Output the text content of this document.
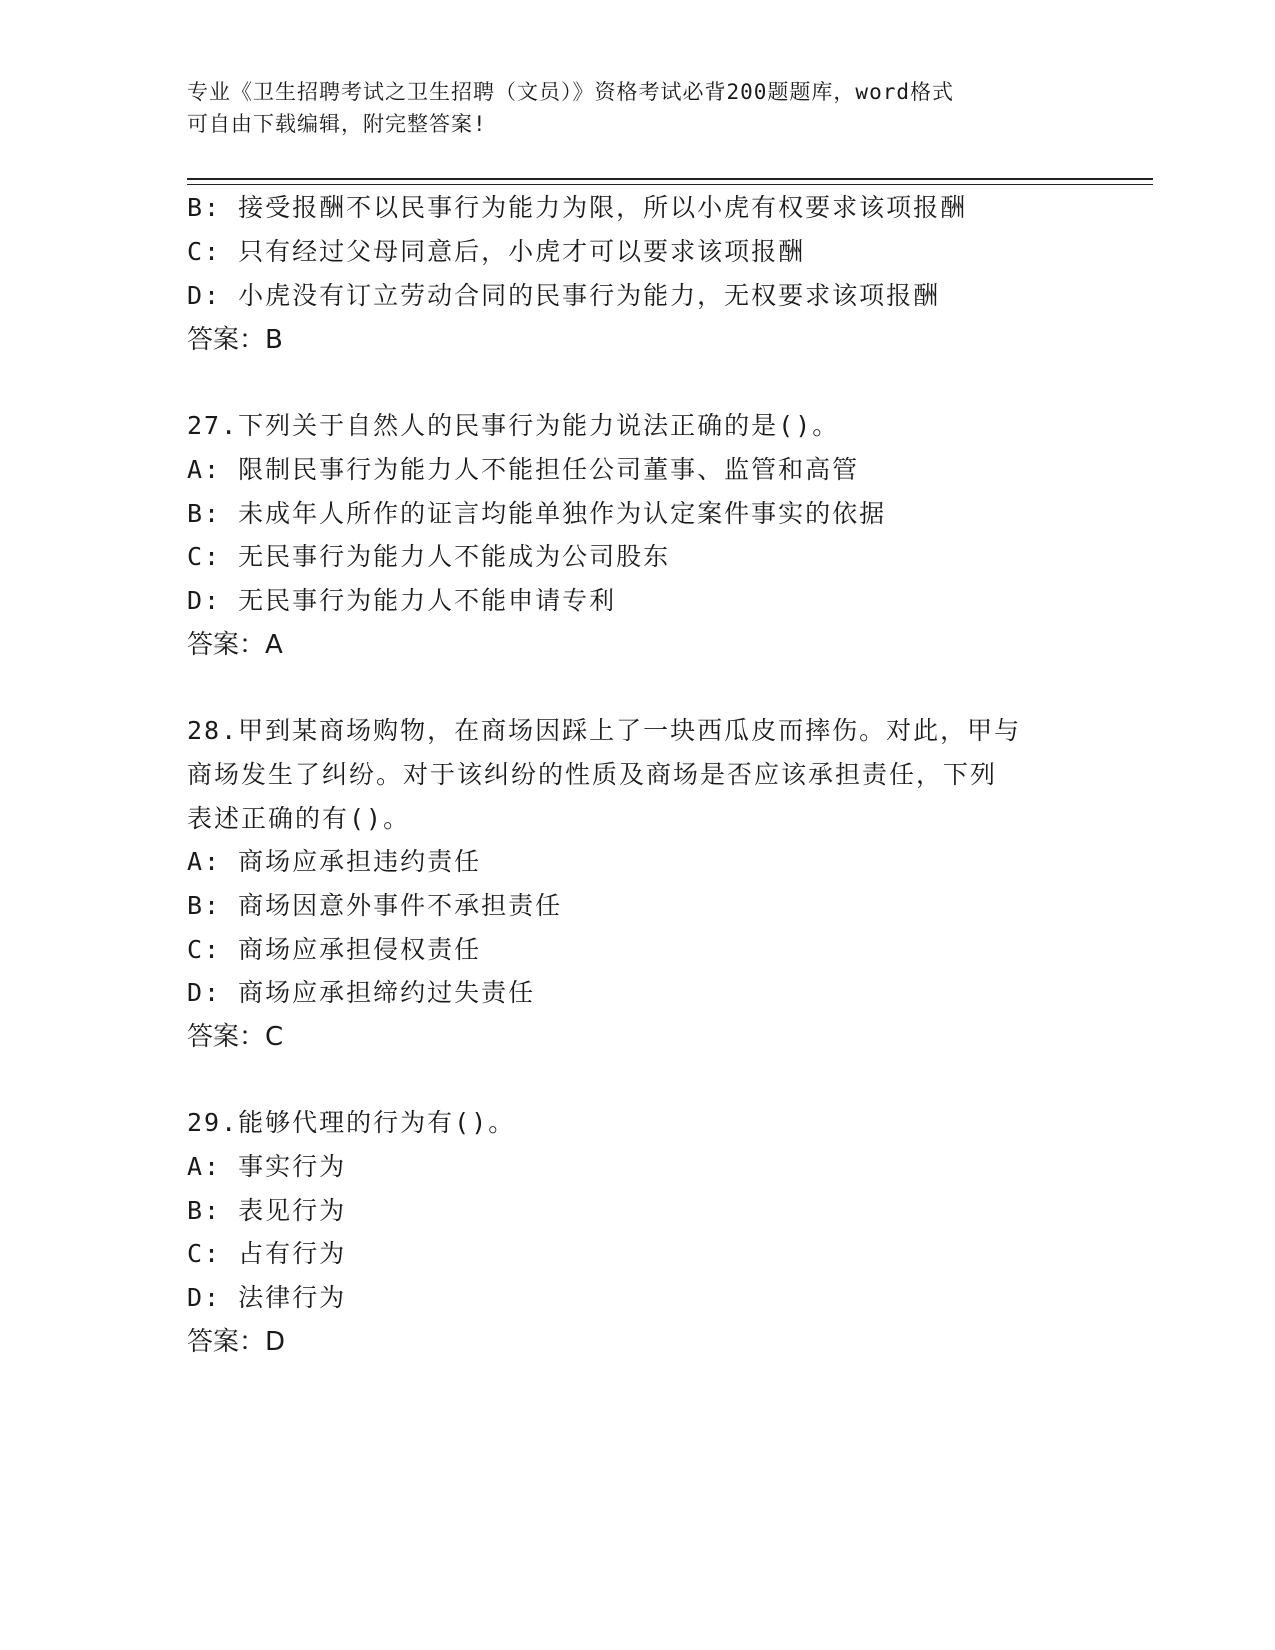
专业《卫生招聘考试之卫生招聘（文员）》资格考试必背200题题库，word格式
可自由下载编辑，附完整答案!
B: 接受报酬不以民事行为能力为限，所以小虎有权要求该项报酬
C: 只有经过父母同意后，小虎才可以要求该项报酬
D: 小虎没有订立劳动合同的民事行为能力，无权要求该项报酬
答案：B
27.下列关于自然人的民事行为能力说法正确的是()。
A: 限制民事行为能力人不能担任公司董事、监管和高管
B: 未成年人所作的证言均能单独作为认定案件事实的依据
C: 无民事行为能力人不能成为公司股东
D: 无民事行为能力人不能申请专利
答案：A
28.甲到某商场购物，在商场因踩上了一块西瓜皮而摔伤。对此，甲与
商场发生了纠纷。对于该纠纷的性质及商场是否应该承担责任，下列
表述正确的有()。
A: 商场应承担违约责任
B: 商场因意外事件不承担责任
C: 商场应承担侵权责任
D: 商场应承担缔约过失责任
答案：C
29.能够代理的行为有()。
A: 事实行为
B: 表见行为
C: 占有行为
D: 法律行为
答案：D
